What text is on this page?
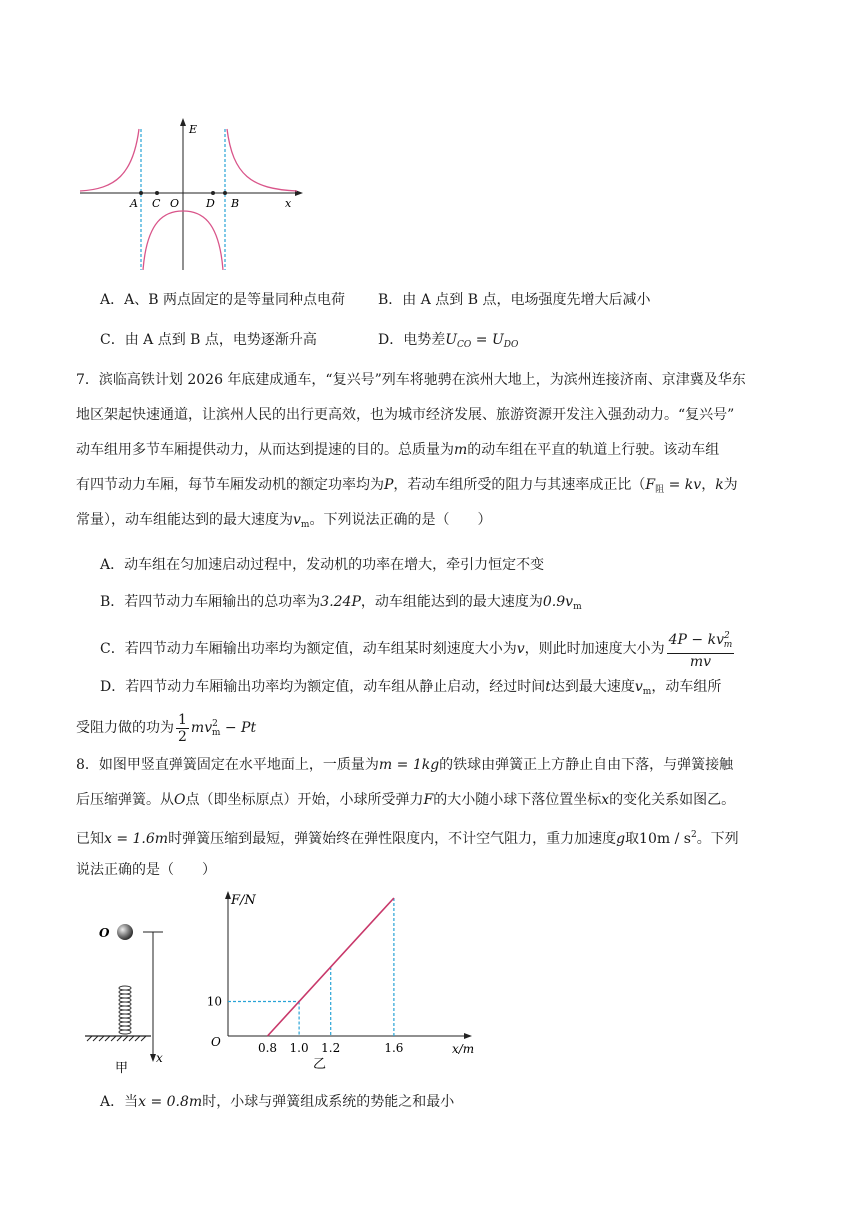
E
x
A C O D B
A．A、B 两点固定的是等量同种点电荷 B．由 A 点到 B 点，电场强度先增大后减小
C．由 A 点到 B 点，电势逐渐升高	D．电势差$U_{CO} = U_{DO}$
7．滨临高铁计划 2026 年底建成通车，“复兴号”列车将驰骋在滨州大地上，为滨州连接济南、京津冀及华东
地区架起快速通道，让滨州人民的出行更高效，也为城市经济发展、旅游资源开发注入强劲动力。“复兴号”
动车组用多节车厢提供动力，从而达到提速的目的。总质量为m的动车组在平直的轨道上行驶。该动车组
有四节动力车厢，每节车厢发动机的额定功率均为P，若动车组所受的阻力与其速率成正比（$F_阻$ = kv，k为
常量），动车组能达到的最大速度为$v_m$。下列说法正确的是（　　）
A．动车组在匀加速启动过程中，发动机的功率在增大，牵引力恒定不变
B．若四节动力车厢输出的总功率为3.24P，动车组能达到的最大速度为$0.9v_m$
C．若四节动力车厢输出功率均为额定值，动车组某时刻速度大小为v，则此时加速度大小为 $\frac{4P - kv^2_m}{mv}$
D．若四节动力车厢输出功率均为额定值，动车组从静止启动，经过时间t达到最大速度$v_m$，动车组所
受阻力做的功为 $\frac{1}{2} mv^2_m - Pt$
8．如图甲竖直弹簧固定在水平地面上，一质量为m = 1kg的铁球由弹簧正上方静止自由下落，与弹簧接触
后压缩弹簧。从O点（即坐标原点）开始，小球所受弹力F的大小随小球下落位置坐标x的变化关系如图乙。
已知x = 1.6m时弹簧压缩到最短，弹簧始终在弹性限度内，不计空气阻力，重力加速度g取$10m / s^2$。下列
说法正确的是（　　）
O
x
甲
F/N
x/m
O	0.8 1.0 1.2	1.6
10
乙
A．当x = 0.8m时，小球与弹簧组成系统的势能之和最小
